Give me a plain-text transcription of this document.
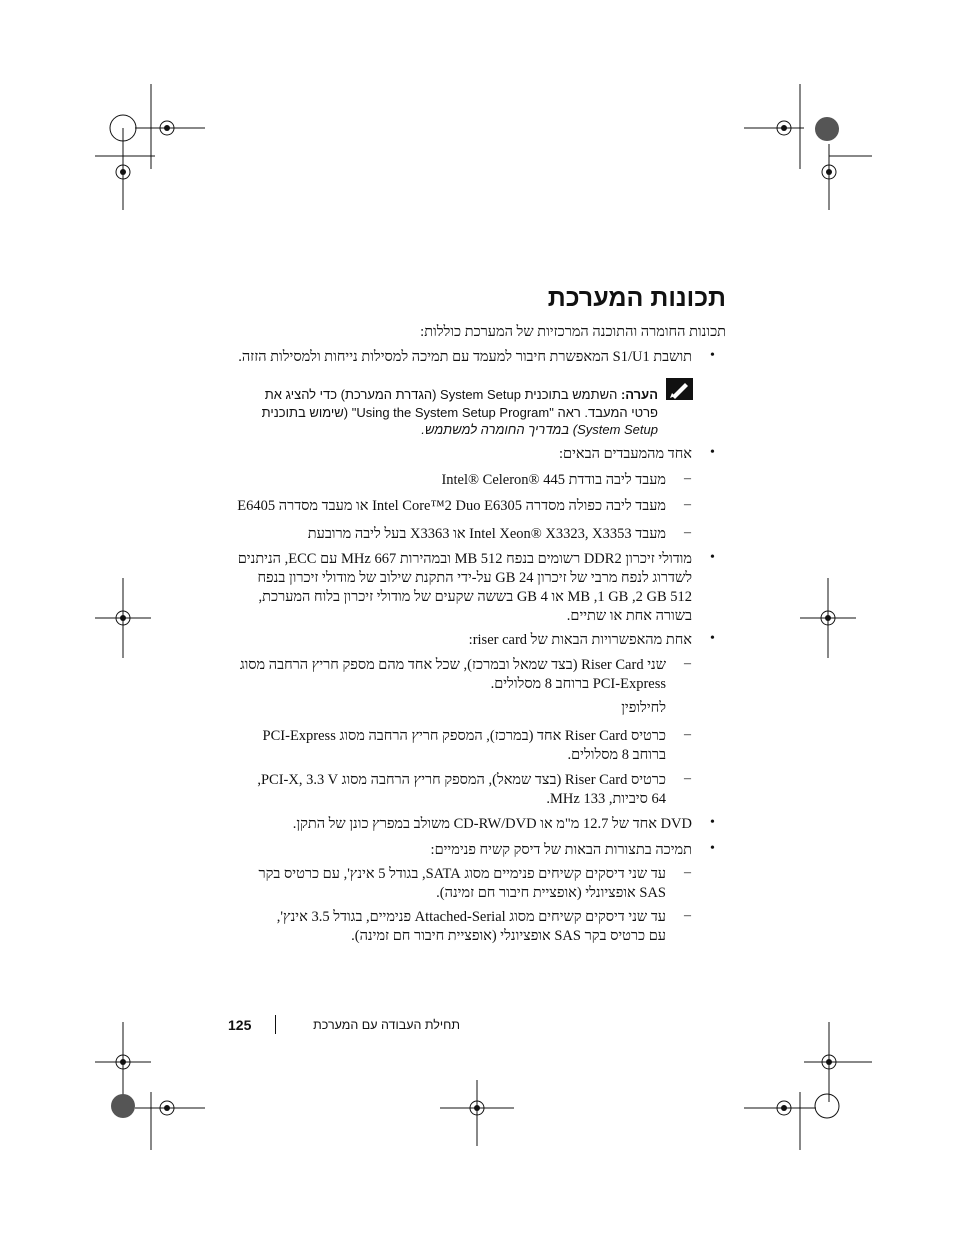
תכונות המערכת
תכונות החומרה והתוכנה המרכזיות של המערכת כוללות:
•
תושבת S1/U1 המאפשרת חיבור למעמד עם תמיכה למסילות נייחות ולמסילות הזזה.
הערה: השתמש בתוכנית System Setup (הגדרת המערכת) כדי להציג את
פרטי המעבד. ראה "Using the System Setup Program" (שימוש בתוכנית
System Setup) במדריך החומרה למשתמש.
•
אחד מהמעבדים הבאים:
–
מעבד ליבה בודדת Intel® Celeron® 445
–
מעבד ליבה כפולה מסדרה Intel Core™2 Duo E6305 או מעבד מסדרה E6405
–
מעבד Intel Xeon® X3323, X3353 או X3363 בעל ליבה מרובעת
•
מודולי זיכרון DDR2 רשומים בנפח 512 MB ובמהירות 667 MHz עם ECC, הניתנים
לשדרוג לנפח מרבי של זיכרון 24 GB על-ידי התקנת שילוב של מודולי זיכרון בנפח
512 MB ,1 GB ,2 GB או 4 GB בששה שקעים של מודולי זיכרון בלוח המערכת,
בשורה אחת או שתיים.
•
אחת מהאפשרויות הבאות של riser card:
–
שני Riser Card (בצד שמאל ובמרכז), שכל אחד מהם מספק חריץ הרחבה מסוג
PCI-Express ברוחב 8 מסלולים.
לחילופין
–
כרטיס Riser Card אחד (במרכז), המספק חריץ הרחבה מסוג PCI-Express
ברוחב 8 מסלולים.
–
כרטיס Riser Card (בצד שמאל), המספק חריץ הרחבה מסוג PCI-X, 3.3 V,
64 סיביות, 133 MHz.
•
DVD אחד של 12.7 מ"מ או CD-RW/DVD משולב במפרץ כונן של התקן.
•
תמיכה בתצורות הבאות של דיסק קשיח פנימיים:
–
עד שני דיסקים קשיחים פנימיים מסוג SATA, בגודל 5 אינץ', עם כרטיס בקר
SAS אופציונלי (אופציית חיבור חם זמינה).
–
עד שני דיסקים קשיחים מסוג Attached-Serial פנימיים, בגודל 3.5 אינץ',
עם כרטיס בקר SAS אופציונלי (אופציית חיבור חם זמינה).
125	תחילת העבודה עם המערכת
